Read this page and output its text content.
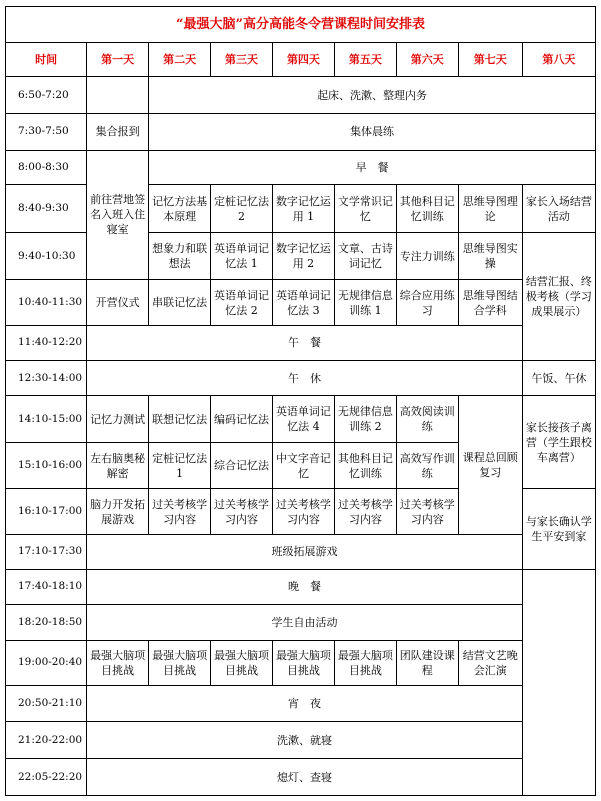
“最强大脑”高分高能冬令营课程时间安排表								
时间	第一天	第二天	第三天	第四天	第五天	第六天	第七天	第八天
6:50-7:20		起床、洗漱、整理内务						
7:30-7:50	集合报到	集体晨练						
8:00-8:30	前往营地签名入班入住寝室	早　餐						
8:40-9:30		记忆方法基本原理	定桩记忆法 2	数字记忆运用 1	文学常识记忆	其他科目记忆训练	思维导图理论	家长入场结营活动
9:40-10:30		想象力和联想法	英语单词记忆法 1	数字记忆运用 2	文章、古诗词记忆	专注力训练	思维导图实操	结营汇报、终极考核（学习成果展示）
10:40-11:30	开营仪式	串联记忆法	英语单词记忆法 2	英语单词记忆法 3	无规律信息训练 1	综合应用练习	思维导图结合学科	
11:40-12:20	午　餐							
12:30-14:00	午　休							午饭、午休
14:10-15:00	记忆力测试	联想记忆法	编码记忆法	英语单词记忆法 4	无规律信息训练 2	高效阅读训练	课程总回顾复习	家长接孩子离营（学生跟校车离营）
15:10-16:00	左右脑奥秘解密	定桩记忆法 1	综合记忆法	中文字音记忆	其他科目记忆训练	高效写作训练		
16:10-17:00	脑力开发拓展游戏	过关考核学习内容	过关考核学习内容	过关考核学习内容	过关考核学习内容	过关考核学习内容		与家长确认学生平安到家
17:10-17:30	班级拓展游戏							
17:40-18:10	晚　餐							
18:20-18:50	学生自由活动							
19:00-20:40	最强大脑项目挑战	最强大脑项目挑战	最强大脑项目挑战	最强大脑项目挑战	最强大脑项目挑战	团队建设课程	结营文艺晚会汇演	
20:50-21:10	宵　夜							
21:20-22:00	洗漱、就寝							
22:05-22:20	熄灯、查寝							
